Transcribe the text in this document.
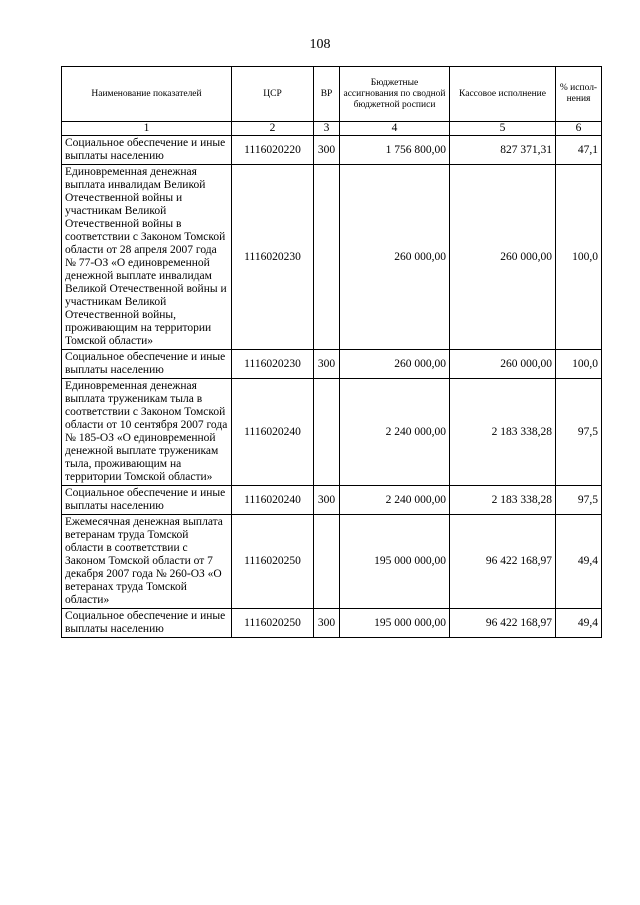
108
Наименование показателей	ЦСР	ВР	Бюджетные ассигнования по сводной бюджетной росписи	Кассовое исполнение	% испол-нения
1	2	3	4	5	6
Социальное обеспечение и иные выплаты населению	1116020220	300	1 756 800,00	827 371,31	47,1
Единовременная денежная выплата инвалидам Великой Отечественной войны и участникам Великой Отечественной войны в соответствии с Законом Томской области от 28 апреля 2007 года № 77-ОЗ «О единовременной денежной выплате инвалидам Великой Отечественной войны и участникам Великой Отечественной войны, проживающим на территории Томской области»	1116020230		260 000,00	260 000,00	100,0
Социальное обеспечение и иные выплаты населению	1116020230	300	260 000,00	260 000,00	100,0
Единовременная денежная выплата труженикам тыла в соответствии с Законом Томской области от 10 сентября 2007 года № 185-ОЗ «О единовременной денежной выплате труженикам тыла, проживающим на территории Томской области»	1116020240		2 240 000,00	2 183 338,28	97,5
Социальное обеспечение и иные выплаты населению	1116020240	300	2 240 000,00	2 183 338,28	97,5
Ежемесячная денежная выплата ветеранам труда Томской области в соответствии с Законом Томской области от 7 декабря 2007 года № 260-ОЗ «О ветеранах труда Томской области»	1116020250		195 000 000,00	96 422 168,97	49,4
Социальное обеспечение и иные выплаты населению	1116020250	300	195 000 000,00	96 422 168,97	49,4
